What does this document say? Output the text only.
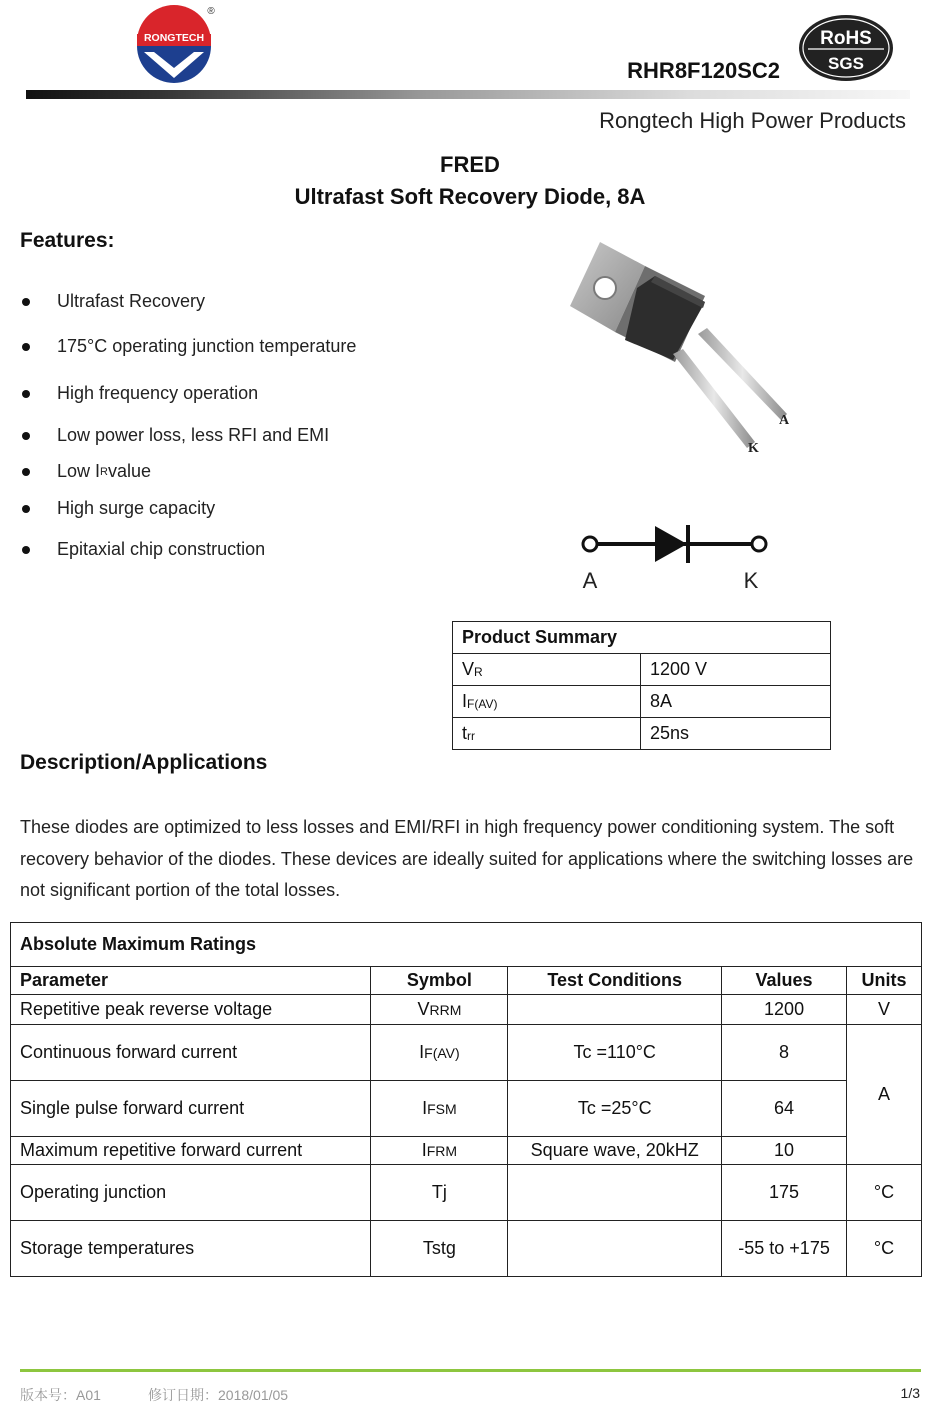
RONGTECH
®
RHR8F120SC2
RoHS
SGS
Rongtech High Power Products
FRED
Ultrafast Soft Recovery Diode, 8A
Features:
Ultrafast Recovery
175°C operating junction temperature
High frequency operation
Low power loss, less RFI and EMI
Low I R value
High surge capacity
Epitaxial chip construction
A
K
A	K
Product Summary	
$V_R$	1200 V
$I_{F(AV)}$	8A
$t_{rr}$	25ns
Description/Applications
These diodes are optimized to less losses and EMI/RFI in high frequency power conditioning system. The soft recovery behavior of the diodes. These devices are ideally suited for applications where the switching losses are not significant portion of the total losses.
Absolute Maximum Ratings				
Parameter	Symbol	Test Conditions	Values	Units
Repetitive peak reverse voltage	VRRM		1200	V
Continuous forward current	IF(AV)	Tc =110°C	8	A
Single pulse forward current	IFSM	Tc =25°C	64	
Maximum repetitive forward current	IFRM	Square wave, 20kHZ	10	
Operating junction	Tj		175	°C
Storage temperatures	Tstg		-55 to +175	°C
版本号：A01	修订日期：2018/01/05	1/3
